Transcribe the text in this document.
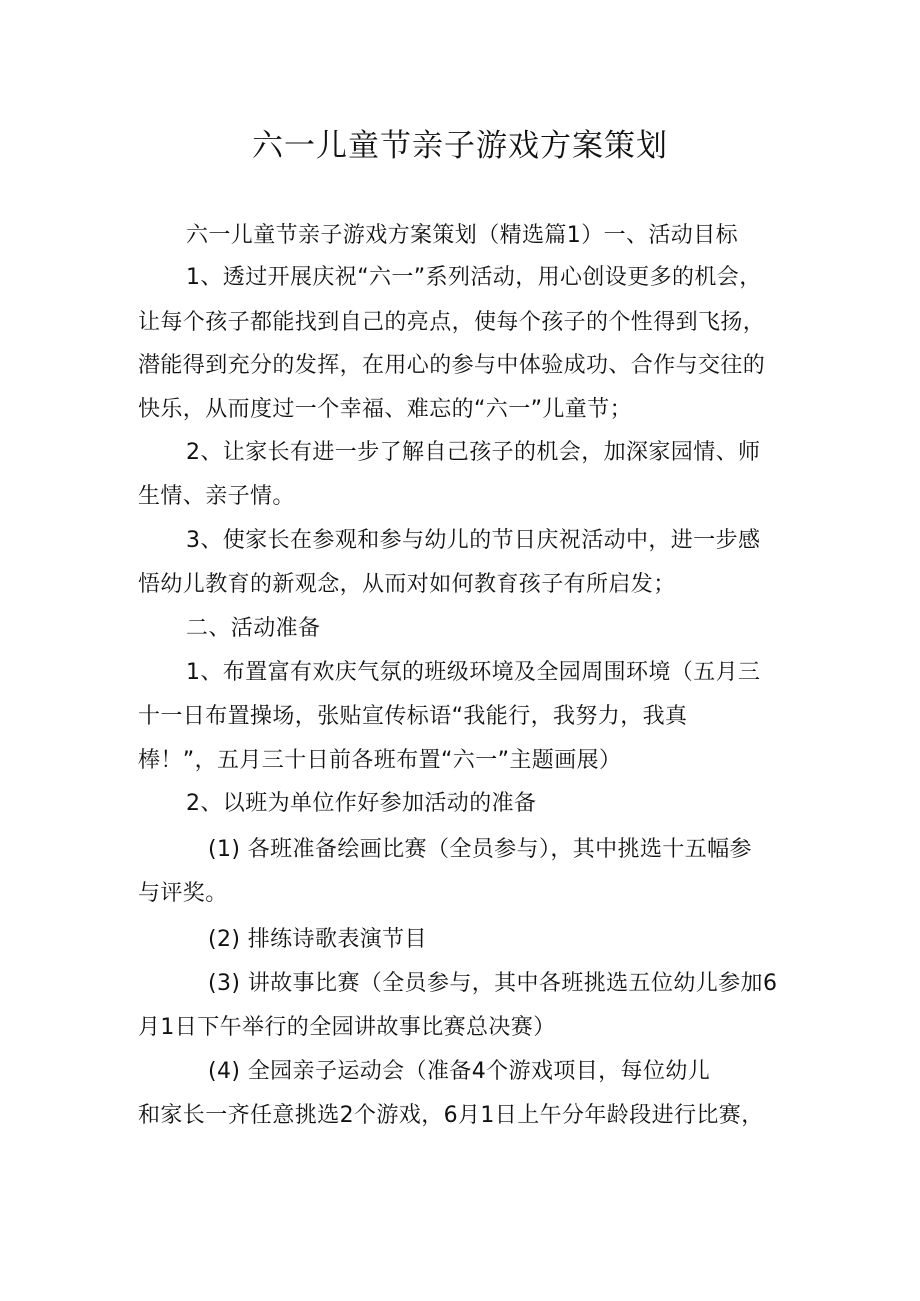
六一儿童节亲子游戏方案策划
六一儿童节亲子游戏方案策划（精选篇1）一、活动目标
1、透过开展庆祝“六一”系列活动，用心创设更多的机会，
让每个孩子都能找到自己的亮点，使每个孩子的个性得到飞扬，
潜能得到充分的发挥，在用心的参与中体验成功、合作与交往的
快乐，从而度过一个幸福、难忘的“六一”儿童节；
2、让家长有进一步了解自己孩子的机会，加深家园情、师
生情、亲子情。
3、使家长在参观和参与幼儿的节日庆祝活动中，进一步感
悟幼儿教育的新观念，从而对如何教育孩子有所启发；
二、活动准备
1、布置富有欢庆气氛的班级环境及全园周围环境（五月三
十一日布置操场，张贴宣传标语“我能行，我努力，我真
棒！”，五月三十日前各班布置“六一”主题画展）
2、以班为单位作好参加活动的准备
(1) 各班准备绘画比赛（全员参与），其中挑选十五幅参
与评奖。
(2) 排练诗歌表演节目
(3) 讲故事比赛（全员参与，其中各班挑选五位幼儿参加6
月1日下午举行的全园讲故事比赛总决赛）
(4) 全园亲子运动会（准备4个游戏项目，每位幼儿
和家长一齐任意挑选2个游戏，6月1日上午分年龄段进行比赛，
